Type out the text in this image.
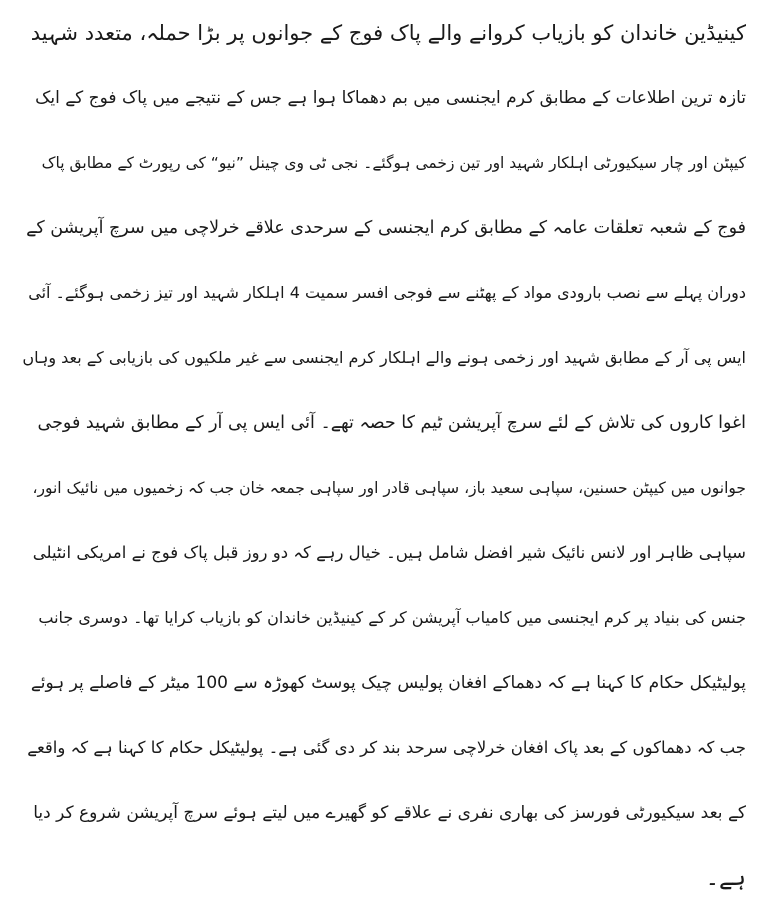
کینیڈین خاندان کو بازیاب کروانے والے پاک فوج کے جوانوں پر بڑا حملہ، متعدد شہید
تازہ ترین اطلاعات کے مطابق کرم ایجنسی میں بم دھماکا ہوا ہے جس کے نتیجے میں پاک فوج کے ایک
کیپٹن اور چار سیکیورٹی اہلکار شہید اور تین زخمی ہوگئے۔ نجی ٹی وی چینل ”نیو“ کی رپورٹ کے مطابق پاک
فوج کے شعبہ تعلقات عامہ کے مطابق کرم ایجنسی کے سرحدی علاقے خرلاچی میں سرچ آپریشن کے
دوران پہلے سے نصب بارودی مواد کے پھٹنے سے فوجی افسر سمیت 4 اہلکار شہید اور تیز زخمی ہوگئے۔ آئی
ایس پی آر کے مطابق شہید اور زخمی ہونے والے اہلکار کرم ایجنسی سے غیر ملکیوں کی بازیابی کے بعد وہاں
اغوا کاروں کی تلاش کے لئے سرچ آپریشن ٹیم کا حصہ تھے۔ آئی ایس پی آر کے مطابق شہید فوجی
جوانوں میں کیپٹن حسنین، سپاہی سعید باز، سپاہی قادر اور سپاہی جمعہ خان جب کہ زخمیوں میں نائیک انور،
سپاہی ظاہر اور لانس نائیک شیر افضل شامل ہیں۔ خیال رہے کہ دو روز قبل پاک فوج نے امریکی انٹیلی
جنس کی بنیاد پر کرم ایجنسی میں کامیاب آپریشن کر کے کینیڈین خاندان کو بازیاب کرایا تھا۔ دوسری جانب
پولیٹیکل حکام کا کہنا ہے کہ دھماکے افغان پولیس چیک پوسٹ کھوڑہ سے 100 میٹر کے فاصلے پر ہوئے
جب کہ دھماکوں کے بعد پاک افغان خرلاچی سرحد بند کر دی گئی ہے۔ پولیٹیکل حکام کا کہنا ہے کہ واقعے
کے بعد سیکیورٹی فورسز کی بھاری نفری نے علاقے کو گھیرے میں لیتے ہوئے سرچ آپریشن شروع کر دیا
ہے۔
